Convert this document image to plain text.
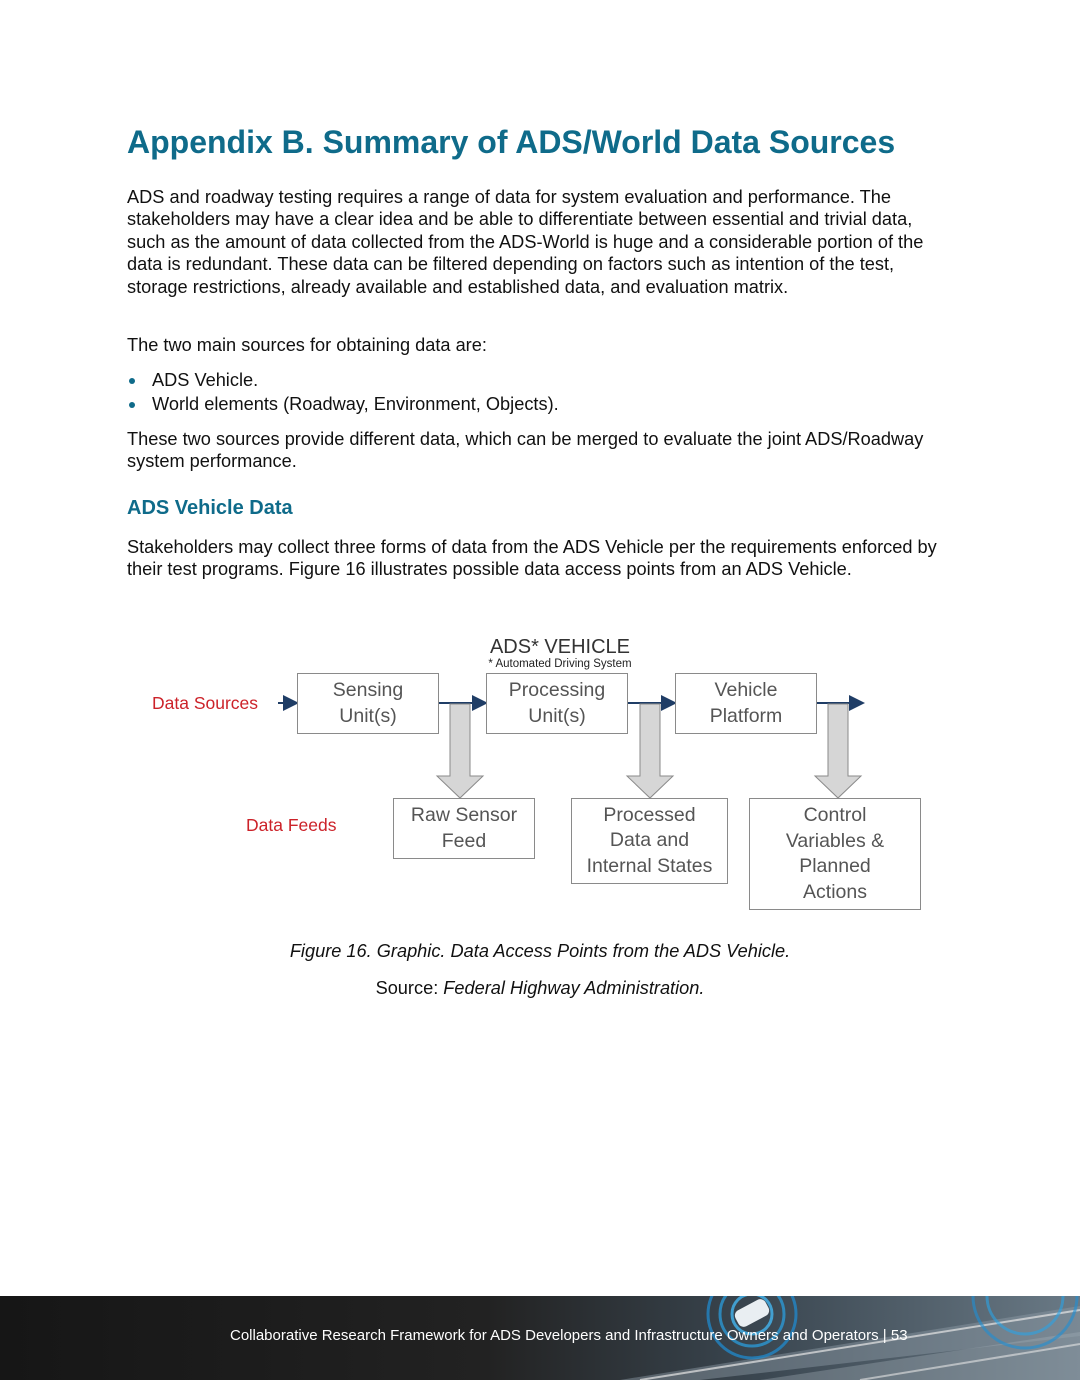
Appendix B. Summary of ADS/World Data Sources

ADS and roadway testing requires a range of data for system evaluation and performance. The stakeholders may have a clear idea and be able to differentiate between essential and trivial data, such as the amount of data collected from the ADS-World is huge and a considerable portion of the data is redundant. These data can be filtered depending on factors such as intention of the test, storage restrictions, already available and established data, and evaluation matrix.

The two main sources for obtaining data are:

ADS Vehicle.
World elements (Roadway, Environment, Objects).

These two sources provide different data, which can be merged to evaluate the joint ADS/Roadway system performance.

ADS Vehicle Data

Stakeholders may collect three forms of data from the ADS Vehicle per the requirements enforced by their test programs. Figure 16 illustrates possible data access points from an ADS Vehicle.

ADS* VEHICLE
* Automated Driving System
Data Sources
Data Feeds
Sensing
Unit(s)
Processing
Unit(s)
Vehicle
Platform
Raw Sensor
Feed
Processed
Data and
Internal States
Control
Variables &
Planned
Actions
Figure 16. Graphic. Data Access Points from the ADS Vehicle.
Source: Federal Highway Administration.
Collaborative Research Framework for ADS Developers and Infrastructure Owners and Operators | 53
